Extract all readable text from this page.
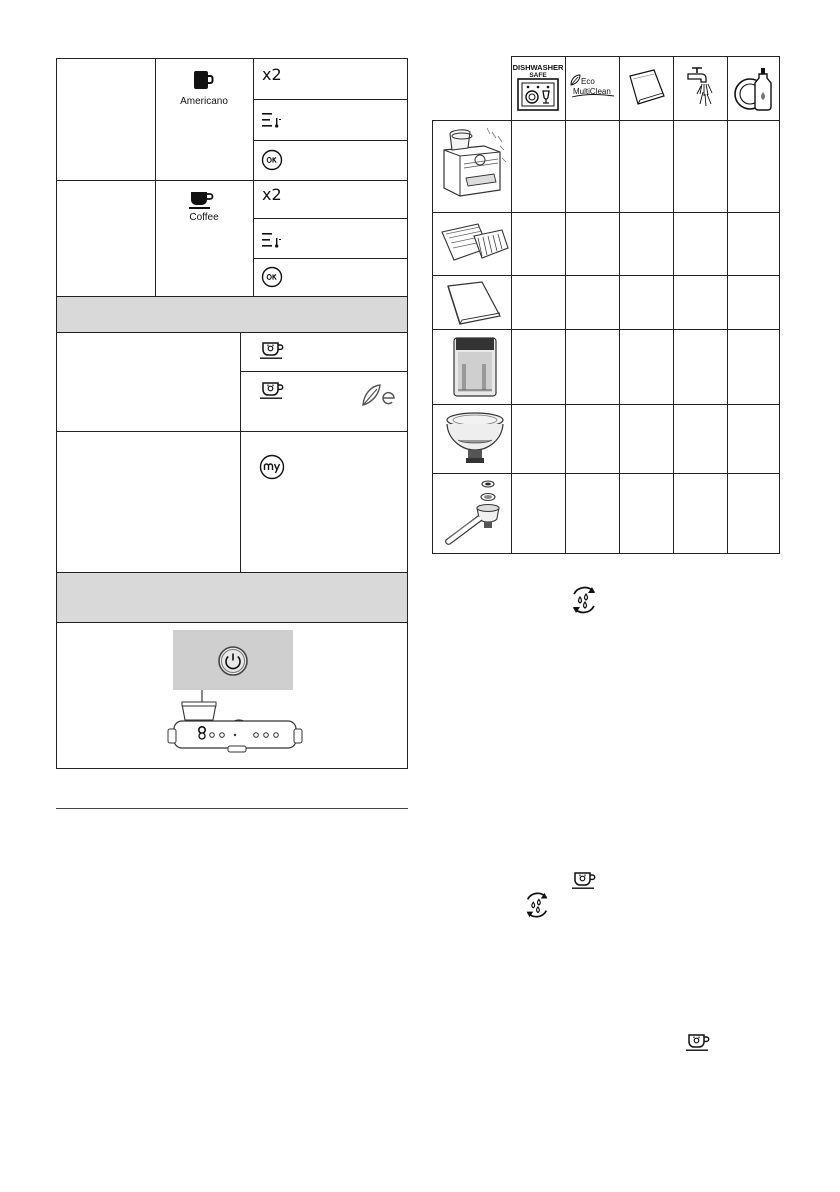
Americano
x2
Coffee
x2
DISHWASHER
SAFE
Eco
MultiClean
